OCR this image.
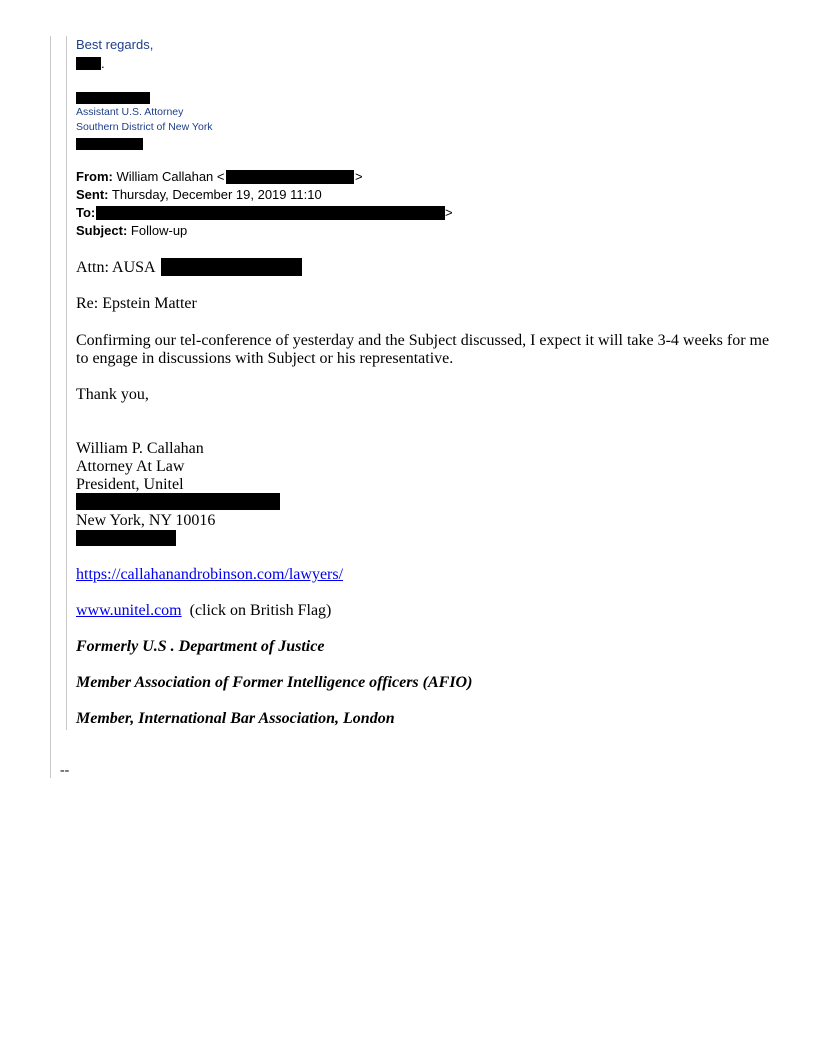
Best regards,
.
Assistant U.S. Attorney
Southern District of New York
From: William Callahan <	>
Sent: Thursday, December 19, 2019 11:10
To:	>
Subject: Follow-up
Attn: AUSA
Re: Epstein Matter
Confirming our tel-conference of yesterday and the Subject discussed, I expect it will take 3-4 weeks for me
to engage in discussions with Subject or his representative.
Thank you,
William P. Callahan
Attorney At Law
President, Unitel
New York, NY 10016
https://callahanandrobinson.com/lawyers/
www.unitel.com (click on British Flag)
Formerly U.S . Department of Justice
Member Association of Former Intelligence officers (AFIO)
Member, International Bar Association, London
--
